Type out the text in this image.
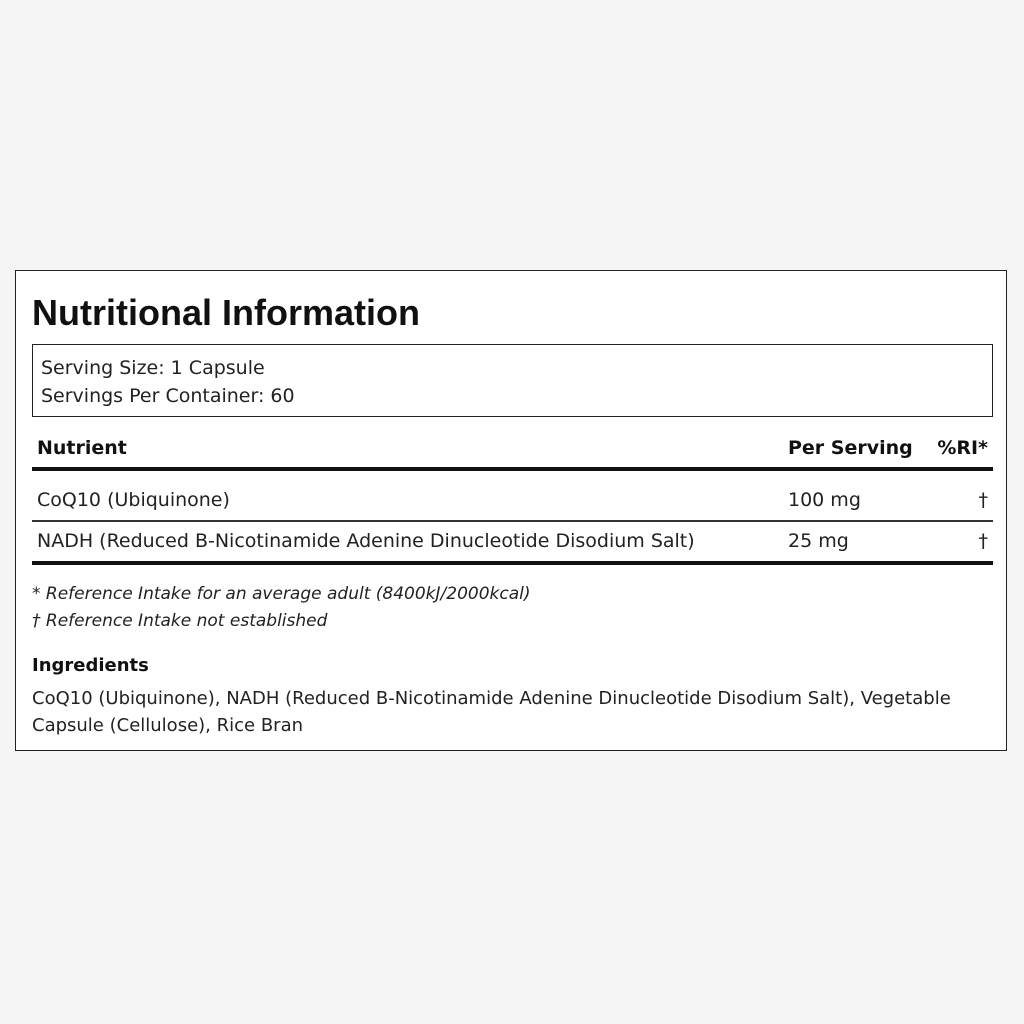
Nutritional Information
Serving Size: 1 Capsule
Servings Per Container: 60
Nutrient	Per Serving %RI*
CoQ10 (Ubiquinone)	100 mg	†
NADH (Reduced B-Nicotinamide Adenine Dinucleotide Disodium Salt)	25 mg	†
* Reference Intake for an average adult (8400kJ/2000kcal)
† Reference Intake not established
Ingredients
CoQ10 (Ubiquinone), NADH (Reduced B-Nicotinamide Adenine Dinucleotide Disodium Salt), Vegetable Capsule (Cellulose), Rice Bran
